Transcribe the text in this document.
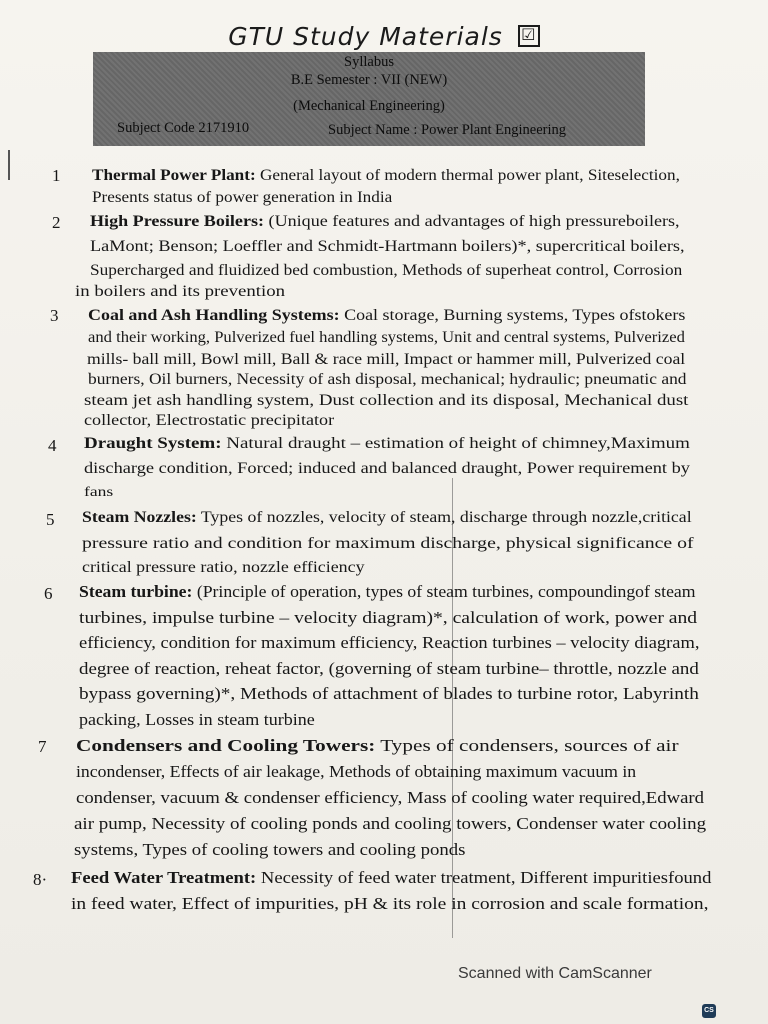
GTU Study Materials ☑
Syllabus
B.E Semester : VII (NEW)
(Mechanical Engineering)
Subject Code 2171910	Subject Name : Power Plant Engineering
1 Thermal Power Plant: General layout of modern thermal power plant, Siteselection,
Presents status of power generation in India
2 High Pressure Boilers: (Unique features and advantages of high pressureboilers,
LaMont; Benson; Loeffler and Schmidt-Hartmann boilers)*, supercritical boilers,
Supercharged and fluidized bed combustion, Methods of superheat control, Corrosion
in boilers and its prevention
3 Coal and Ash Handling Systems: Coal storage, Burning systems, Types ofstokers
and their working, Pulverized fuel handling systems, Unit and central systems, Pulverized
mills- ball mill, Bowl mill, Ball & race mill, Impact or hammer mill, Pulverized coal
burners, Oil burners, Necessity of ash disposal, mechanical; hydraulic; pneumatic and
steam jet ash handling system, Dust collection and its disposal, Mechanical dust
collector, Electrostatic precipitator
4 Draught System: Natural draught – estimation of height of chimney,Maximum
discharge condition, Forced; induced and balanced draught, Power requirement by
fans
5 Steam Nozzles: Types of nozzles, velocity of steam, discharge through nozzle,critical
pressure ratio and condition for maximum discharge, physical significance of
critical pressure ratio, nozzle efficiency
6 Steam turbine: (Principle of operation, types of steam turbines, compoundingof steam
turbines, impulse turbine – velocity diagram)*, calculation of work, power and
efficiency, condition for maximum efficiency, Reaction turbines – velocity diagram,
degree of reaction, reheat factor, (governing of steam turbine– throttle, nozzle and
bypass governing)*, Methods of attachment of blades to turbine rotor, Labyrinth
packing, Losses in steam turbine
7 Condensers and Cooling Towers: Types of condensers, sources of air
incondenser, Effects of air leakage, Methods of obtaining maximum vacuum in
condenser, vacuum & condenser efficiency, Mass of cooling water required,Edward
air pump, Necessity of cooling ponds and cooling towers, Condenser water cooling
systems, Types of cooling towers and cooling ponds
8· Feed Water Treatment: Necessity of feed water treatment, Different impuritiesfound
in feed water, Effect of impurities, pH & its role in corrosion and scale formation,
Scanned with CamScanner
CS
